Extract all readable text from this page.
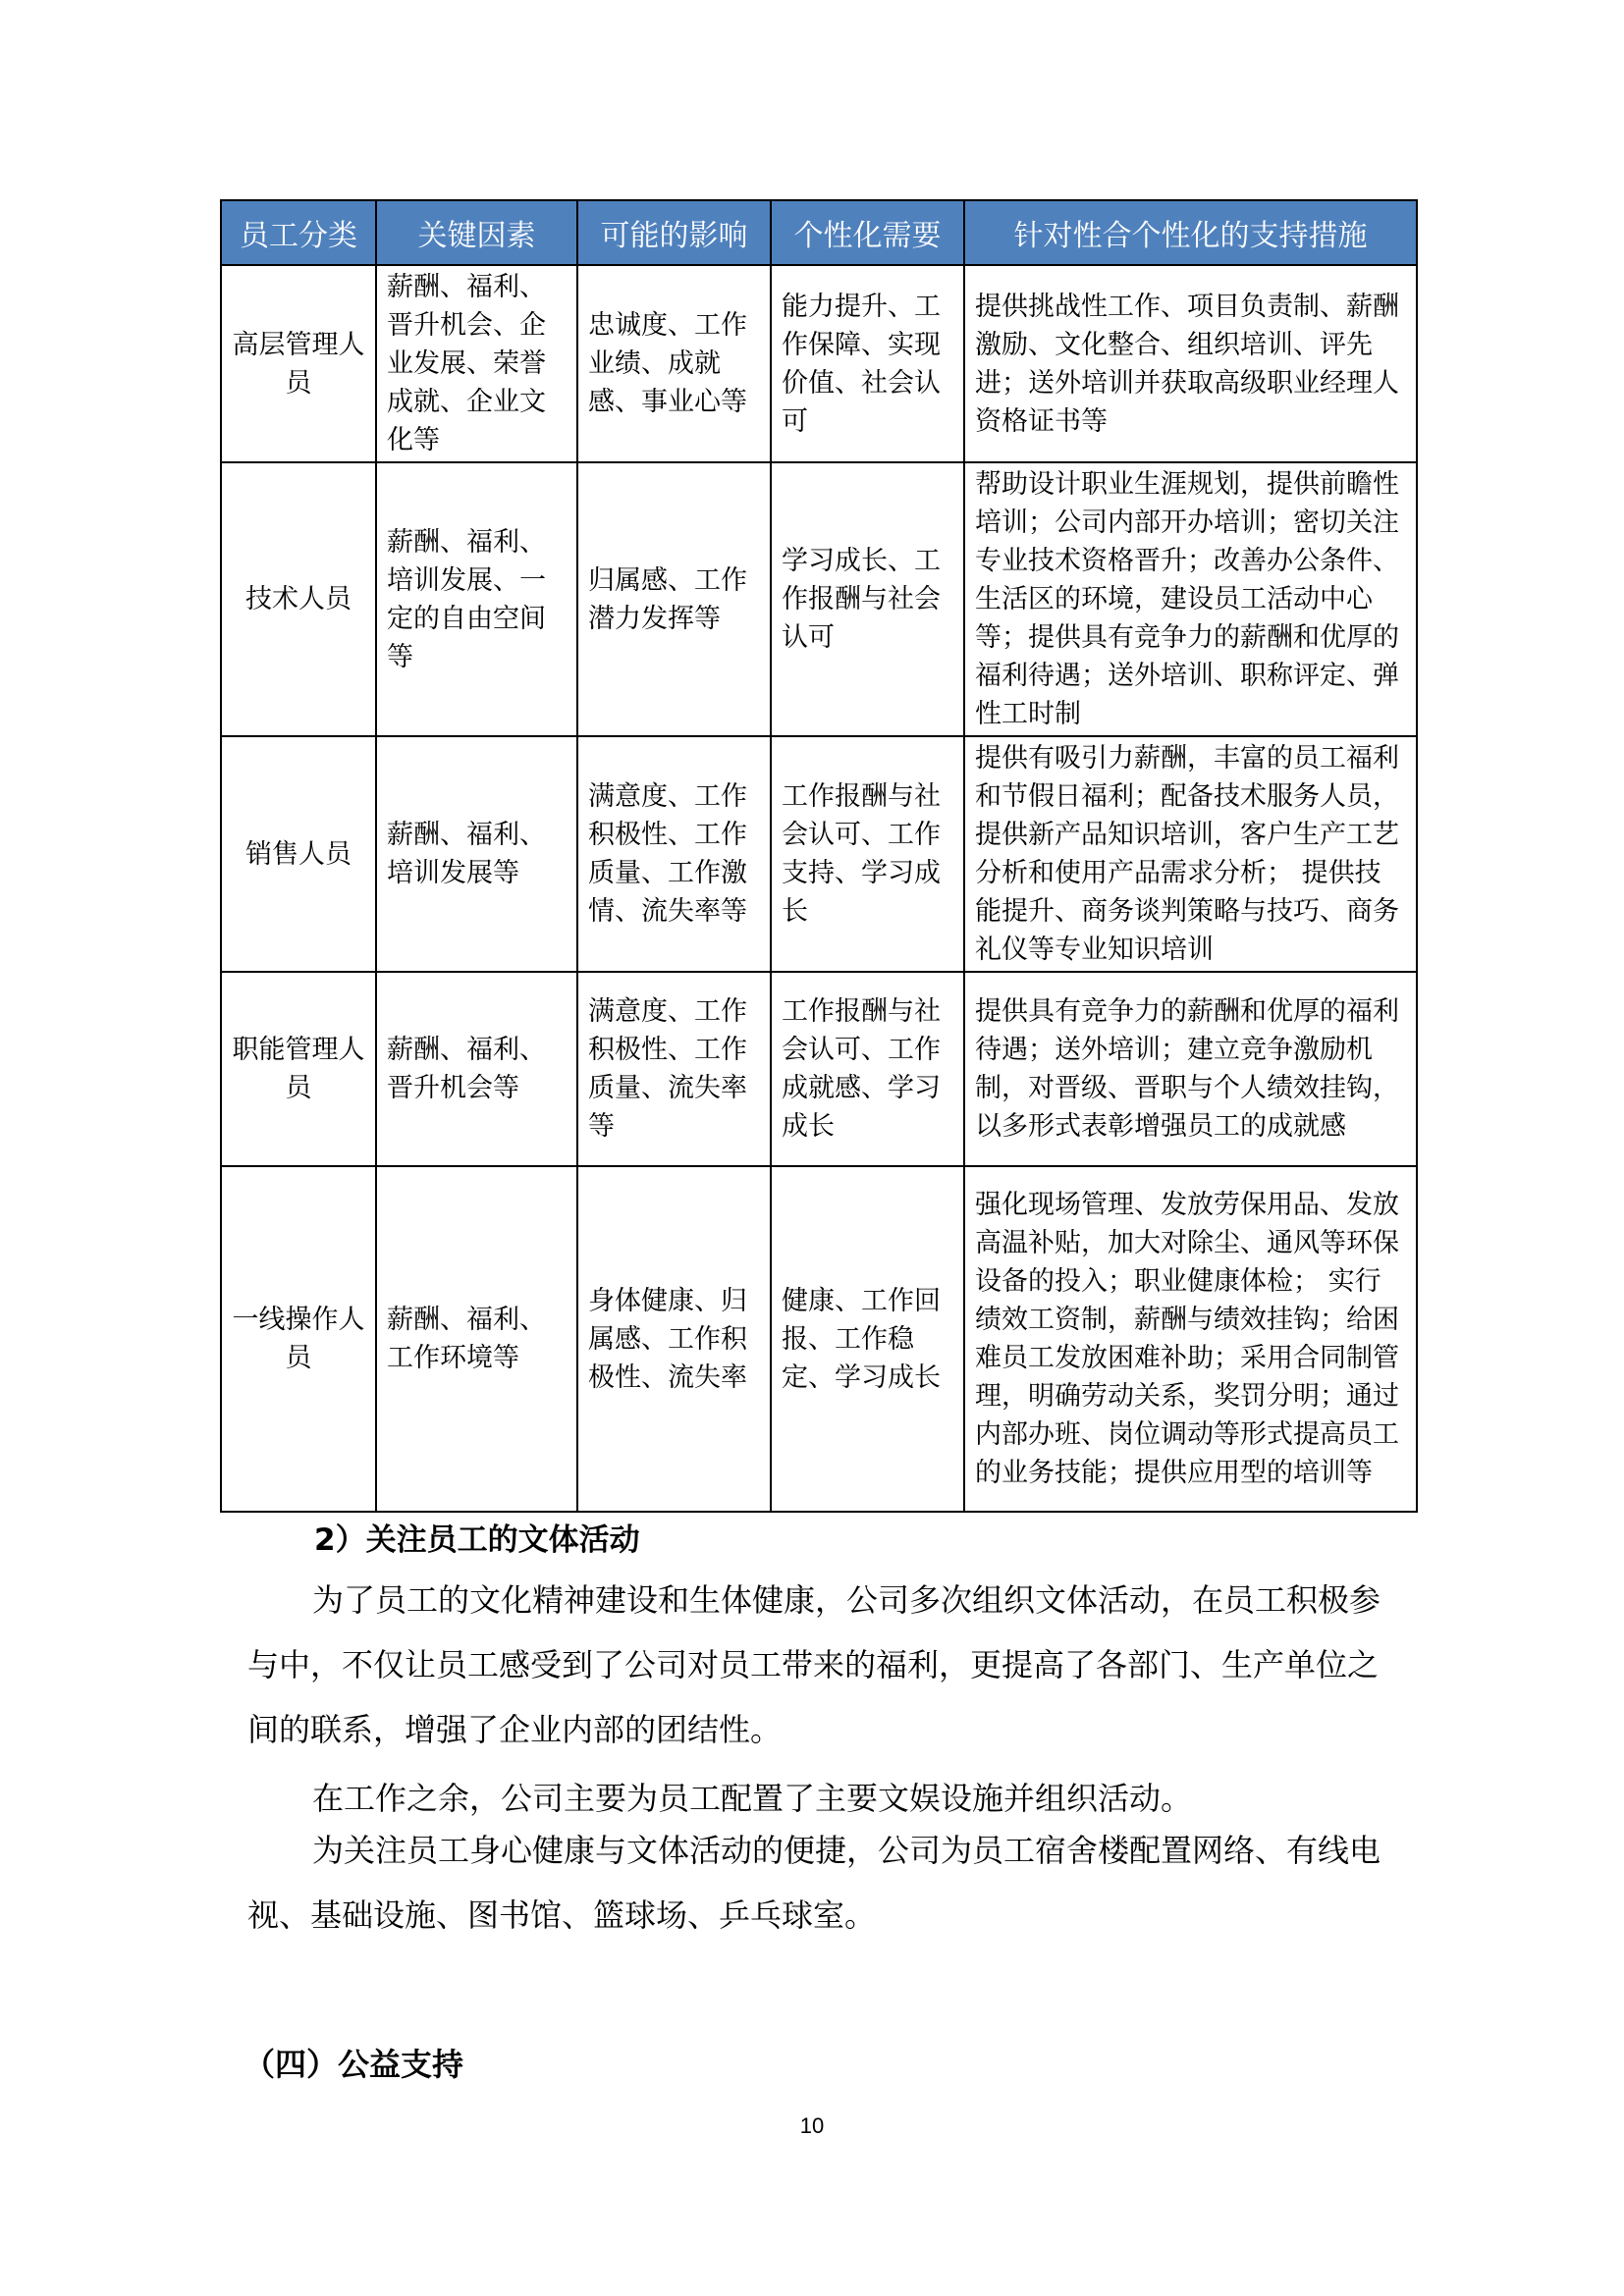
员工分类	关键因素	可能的影响	个性化需要	针对性合个性化的支持措施
高层管理人员	薪酬、福利、晋升机会、企业发展、荣誉成就、企业文化等	忠诚度、工作业绩、成就感、事业心等	能力提升、工作保障、实现价值、社会认可	提供挑战性工作、项目负责制、薪酬激励、文化整合、组织培训、评先进；送外培训并获取高级职业经理人资格证书等
技术人员	薪酬、福利、培训发展、一定的自由空间等	归属感、工作潜力发挥等	学习成长、工作报酬与社会认可	帮助设计职业生涯规划，提供前瞻性培训；公司内部开办培训；密切关注专业技术资格晋升；改善办公条件、生活区的环境，建设员工活动中心等；提供具有竞争力的薪酬和优厚的福利待遇；送外培训、职称评定、弹性工时制
销售人员	薪酬、福利、培训发展等	满意度、工作积极性、工作质量、工作激情、流失率等	工作报酬与社会认可、工作支持、学习成长	提供有吸引力薪酬，丰富的员工福利和节假日福利；配备技术服务人员，提供新产品知识培训，客户生产工艺分析和使用产品需求分析； 提供技能提升、商务谈判策略与技巧、商务礼仪等专业知识培训
职能管理人员	薪酬、福利、晋升机会等	满意度、工作积极性、工作质量、流失率等	工作报酬与社会认可、工作成就感、学习成长	提供具有竞争力的薪酬和优厚的福利待遇；送外培训；建立竞争激励机制，对晋级、晋职与个人绩效挂钩，以多形式表彰增强员工的成就感
一线操作人员	薪酬、福利、工作环境等	身体健康、归属感、工作积极性、流失率	健康、工作回报、工作稳定、学习成长	强化现场管理、发放劳保用品、发放高温补贴，加大对除尘、通风等环保设备的投入；职业健康体检； 实行绩效工资制，薪酬与绩效挂钩；给困难员工发放困难补助；采用合同制管理，明确劳动关系，奖罚分明；通过内部办班、岗位调动等形式提高员工的业务技能；提供应用型的培训等
2）关注员工的文体活动

为了员工的文化精神建设和生体健康，公司多次组织文体活动，在员工积极参与中，不仅让员工感受到了公司对员工带来的福利，更提高了各部门、生产单位之间的联系，增强了企业内部的团结性。

在工作之余，公司主要为员工配置了主要文娱设施并组织活动。

为关注员工身心健康与文体活动的便捷，公司为员工宿舍楼配置网络、有线电视、基础设施、图书馆、篮球场、乒乓球室。

（四）公益支持
10
